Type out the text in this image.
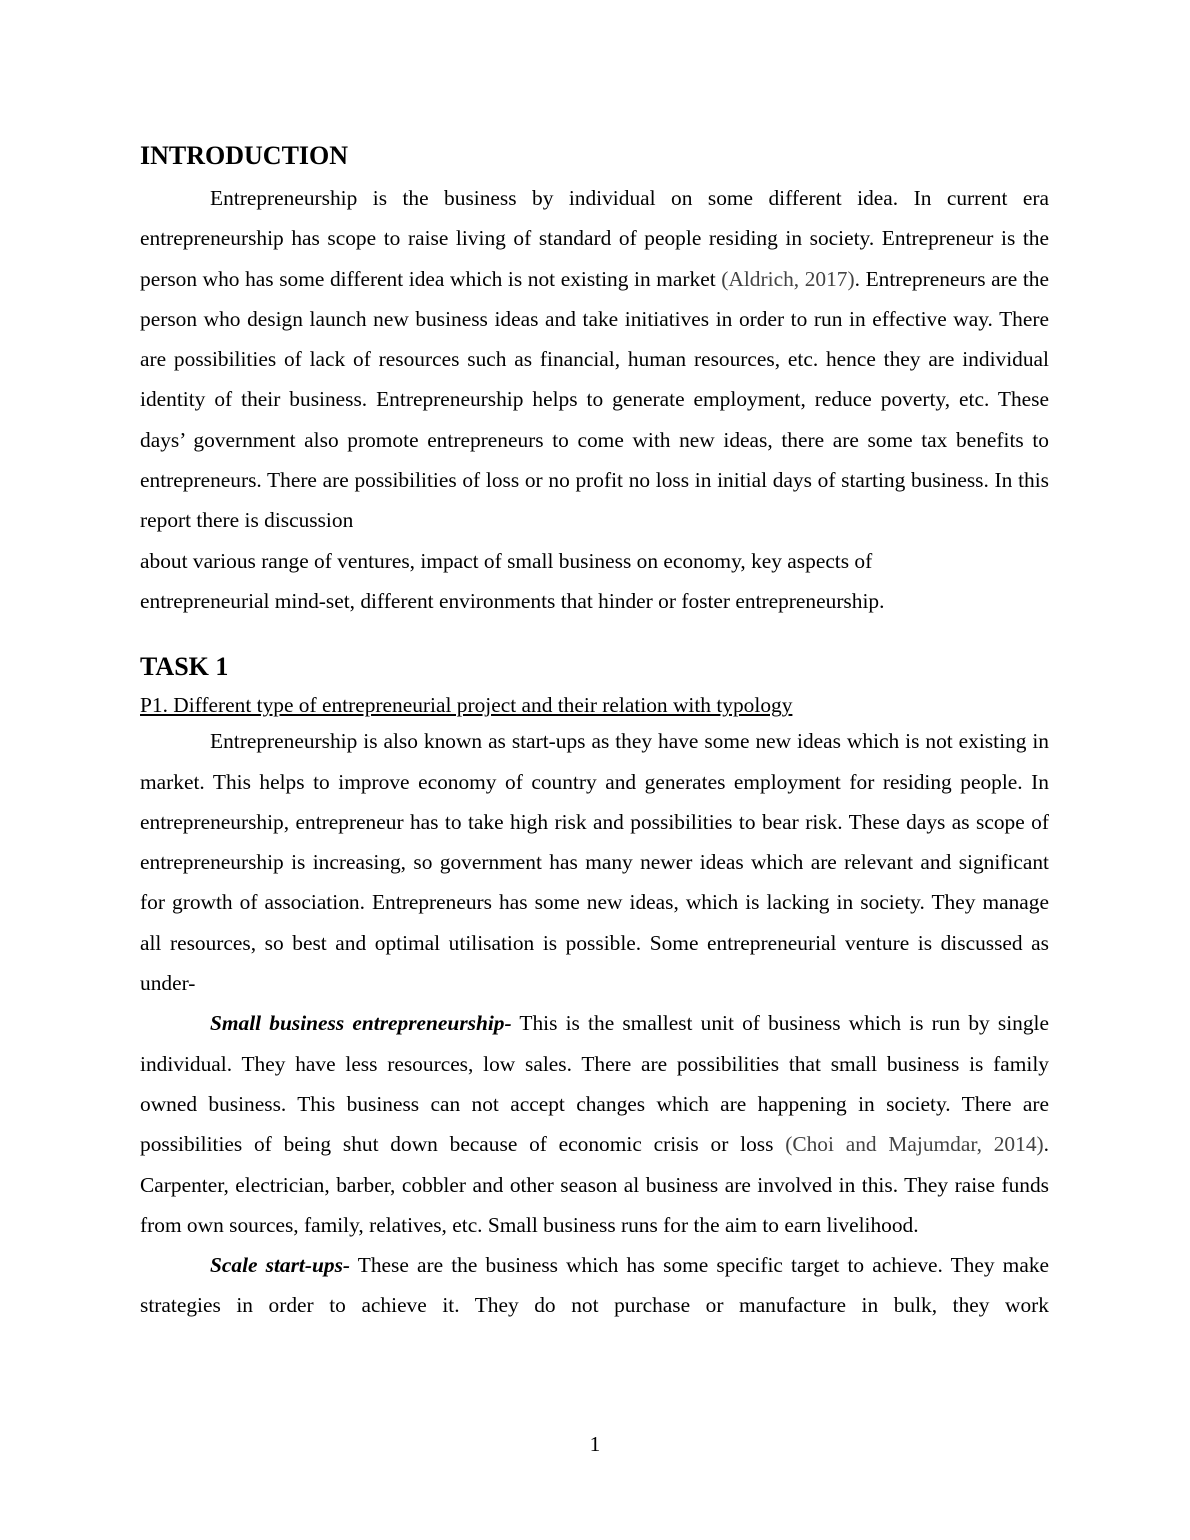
INTRODUCTION

Entrepreneurship is the business by individual on some different idea. In current era entrepreneurship has scope to raise living of standard of people residing in society. Entrepreneur is the person who has some different idea which is not existing in market (Aldrich, 2017). Entrepreneurs are the person who design launch new business ideas and take initiatives in order to run in effective way. There are possibilities of lack of resources such as financial, human resources, etc. hence they are individual identity of their business. Entrepreneurship helps to generate employment, reduce poverty, etc. These days’ government also promote entrepreneurs to come with new ideas, there are some tax benefits to entrepreneurs. There are possibilities of loss or no profit no loss in initial days of starting business. In this report there is discussion

about various range of ventures, impact of small business on economy, key aspects of

entrepreneurial mind-set, different environments that hinder or foster entrepreneurship.

TASK 1
P1. Different type of entrepreneurial project and their relation with typology

Entrepreneurship is also known as start-ups as they have some new ideas which is not existing in market. This helps to improve economy of country and generates employment for residing people. In entrepreneurship, entrepreneur has to take high risk and possibilities to bear risk. These days as scope of entrepreneurship is increasing, so government has many newer ideas which are relevant and significant for growth of association. Entrepreneurs has some new ideas, which is lacking in society. They manage all resources, so best and optimal utilisation is possible. Some entrepreneurial venture is discussed as under-

Small business entrepreneurship- This is the smallest unit of business which is run by single individual. They have less resources, low sales. There are possibilities that small business is family owned business. This business can not accept changes which are happening in society. There are possibilities of being shut down because of economic crisis or loss (Choi and Majumdar, 2014). Carpenter, electrician, barber, cobbler and other season al business are involved in this. They raise funds from own sources, family, relatives, etc. Small business runs for the aim to earn livelihood.

Scale start-ups- These are the business which has some specific target to achieve. They make strategies in order to achieve it. They do not purchase or manufacture in bulk, they work

1
